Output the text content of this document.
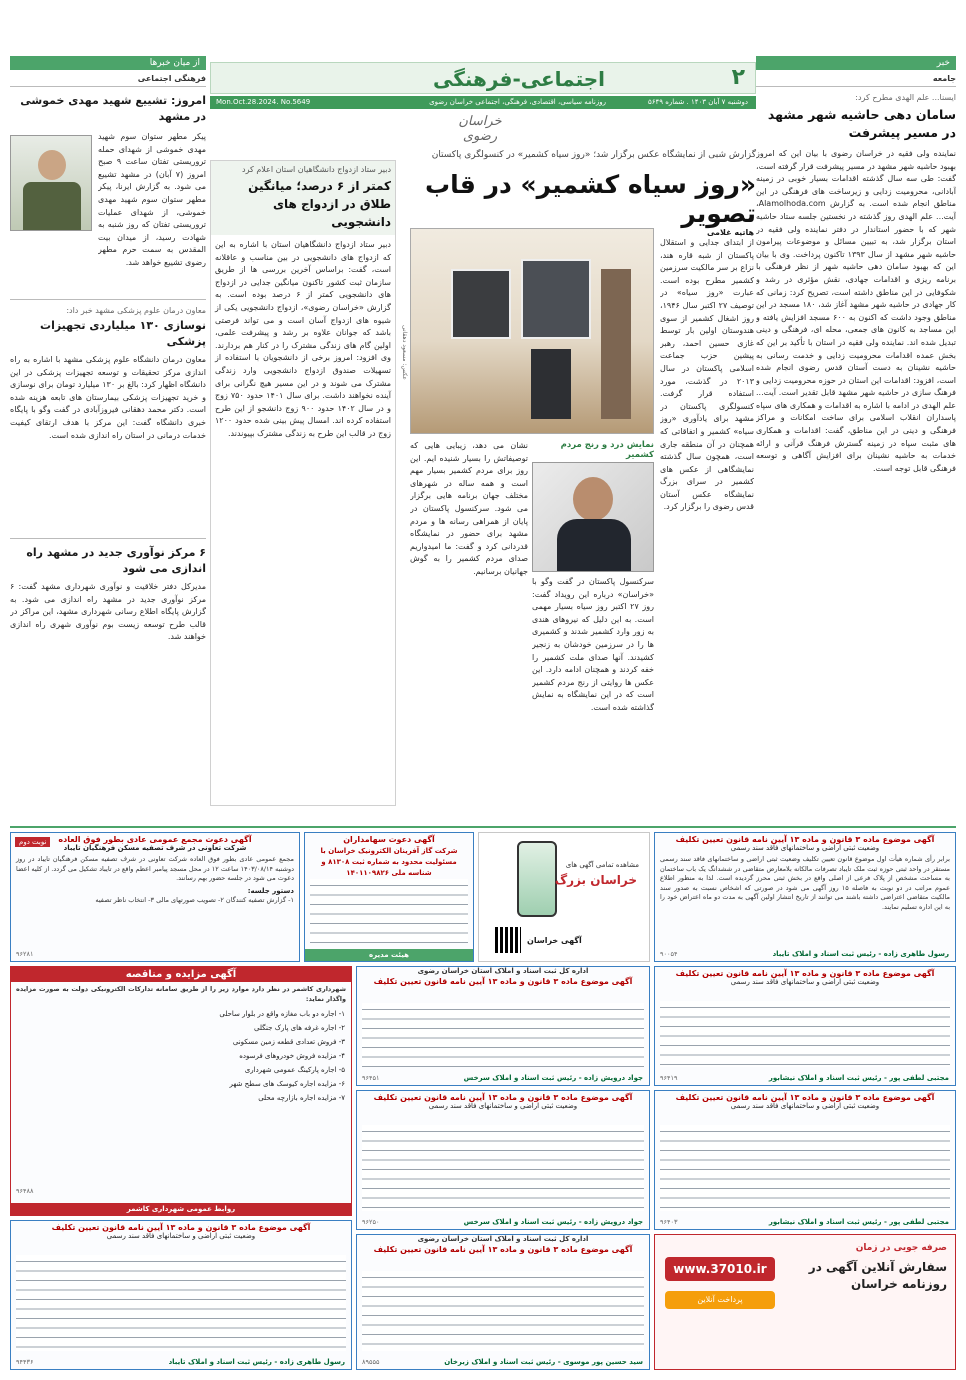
۲
اجتماعی-فرهنگی
دوشنبه ۷ آبان ۱۴۰۳ . شماره ۵۶۴۹
روزنامه سیاسی، اقتصادی، فرهنگی، اجتماعی خراسان رضوی
Mon.Oct.28.2024. No.5649
خراسان رضوی
خبر
جامعه
ایسنا... علم الهدی مطرح کرد:
سامان دهی حاشیه شهر مشهد در مسیر پیشرفت
نماینده ولی فقیه در خراسان رضوی با بیان این که امروز بهبود حاشیه شهر مشهد در مسیر پیشرفت قرار گرفته است، گفت: طی سه سال گذشته اقدامات بسیار خوبی در زمینه آبادانی، محرومیت زدایی و زیرساخت های فرهنگی در این مناطق انجام شده است. به گزارش Alamolhoda.com، آیت... علم الهدی روز گذشته در نخستین جلسه ستاد حاشیه شهر که با حضور استاندار در دفتر نماینده ولی فقیه در استان برگزار شد، به تبیین مسائل و موضوعات پیرامون حاشیه شهر مشهد از سال ۱۳۹۳ تاکنون پرداخت. وی با بیان این که بهبود سامان دهی حاشیه شهر از نظر فرهنگی با برنامه ریزی و اقدامات جهادی، نقش مؤثری در رشد و شکوفایی در این مناطق داشته است، تصریح کرد: زمانی که کار جهادی در حاشیه شهر مشهد آغاز شد، ۱۸۰ مسجد در این مناطق وجود داشت که اکنون به ۶۰۰ مسجد افزایش یافته و این مساجد به کانون های جمعی، محله ای، فرهنگی و دینی تبدیل شده اند. نماینده ولی فقیه در استان با تأکید بر این که بخش عمده اقدامات محرومیت زدایی و خدمت رسانی به حاشیه نشینان به دست آستان قدس رضوی انجام شده است، افزود: اقدامات این استان در حوزه محرومیت زدایی و فرهنگ سازی در حاشیه شهر مشهد قابل تقدیر است. آیت... علم الهدی در ادامه با اشاره به اقدامات و همکاری های سپاه پاسداران انقلاب اسلامی برای ساخت امکانات و مراکز فرهنگی و دینی در این مناطق، گفت: اقدامات و همکاری های مثبت سپاه در زمینه گسترش فرهنگ قرآنی و ارائه خدمات به حاشیه نشینان برای افزایش آگاهی و توسعه فرهنگی قابل توجه است.
از میان خبرها
فرهنگی اجتماعی
امروز: تشییع شهید مهدی خموشی در مشهد
پیکر مطهر ستوان سوم شهید مهدی خموشی از شهدای حمله تروریستی تفتان ساعت ۹ صبح امروز (۷ آبان) در مشهد تشییع می شود. به گزارش ایرنا، پیکر مطهر ستوان سوم شهید مهدی خموشی، از شهدای عملیات تروریستی تفتان که روز شنبه به شهادت رسید، از میدان بیت المقدس به سمت حرم مطهر رضوی تشییع خواهد شد.
معاون درمان علوم پزشکی مشهد خبر داد:
نوسازی ۱۳۰ میلیاردی تجهیزات پزشکی
معاون درمان دانشگاه علوم پزشکی مشهد با اشاره به راه اندازی مرکز تحقیقات و توسعه تجهیزات پزشکی در این دانشگاه اظهار کرد: بالغ بر ۱۳۰ میلیارد تومان برای نوسازی و خرید تجهیزات پزشکی بیمارستان های تابعه هزینه شده است. دکتر محمد دهقانی فیروزآبادی در گفت وگو با پایگاه خبری دانشگاه گفت: این مرکز با هدف ارتقای کیفیت خدمات درمانی در استان راه اندازی شده است.
۶ مرکز نوآوری جدید در مشهد راه اندازی می شود
مدیرکل دفتر خلاقیت و نوآوری شهرداری مشهد گفت: ۶ مرکز نوآوری جدید در مشهد راه اندازی می شود. به گزارش پایگاه اطلاع رسانی شهرداری مشهد، این مراکز در قالب طرح توسعه زیست بوم نوآوری شهری راه اندازی خواهند شد.
گزارش شبی از نمایشگاه عکس برگزار شد؛ «روز سیاه کشمیر» در کنسولگری پاکستان
«روز سیاه کشمیر» در قاب تصویر
هاتیه غلامی
از ابتدای جدایی و استقلال پاکستان از شبه قاره هند، نزاع بر سر مالکیت سرزمین کشمیر مطرح بوده است. عبارت «روز سیاه» در توصیف ۲۷ اکتبر سال ۱۹۴۶، روز اشغال کشمیر از سوی هندوستان اولین بار توسط غازی حسین احمد، رهبر پیشین حزب جماعت اسلامی پاکستان در سال ۲۰۱۳ در گذشت، مورد استفاده قرار گرفت. کنسولگری پاکستان در مشهد برای یادآوری «روز سیاه» کشمیر و اتفاقاتی که همچنان در آن منطقه جاری است، همچون سال گذشته نمایشگاهی از عکس های کشمیر در سرای بزرگ نمایشگاه عکس آستان قدس رضوی را برگزار کرد.
عکس: مسعود دهقانی
نمایش درد و رنج مردم کشمیر
سرکنسول پاکستان در گفت وگو با «خراسان» درباره این رویداد گفت: روز ۲۷ اکتبر روز سیاه بسیار مهمی است. به این دلیل که نیروهای هندی به زور وارد کشمیر شدند و کشمیری ها را در سرزمین خودشان به زنجیر کشیدند. آنها صدای ملت کشمیر را خفه کردند و همچنان ادامه دارد. این عکس ها روایتی از رنج مردم کشمیر است که در این نمایشگاه به نمایش گذاشته شده است.
نشان می دهد، زیبایی هایی که توصیفاتش را بسیار شنیده ایم. این روز برای مردم کشمیر بسیار مهم است و همه ساله در شهرهای مختلف جهان برنامه هایی برگزار می شود. سرکنسول پاکستان در پایان از همراهی رسانه ها و مردم مشهد برای حضور در نمایشگاه قدردانی کرد و گفت: ما امیدواریم صدای مردم کشمیر را به گوش جهانیان برسانیم.
دبیر ستاد ازدواج دانشگاهیان استان اعلام کرد
کمتر از ۶ درصد؛ میانگین طلاق در ازدواج های دانشجویی
دبیر ستاد ازدواج دانشگاهیان استان با اشاره به این که ازدواج های دانشجویی در بین مناسب و عاقلانه است، گفت: براساس آخرین بررسی ها از طریق سازمان ثبت کشور تاکنون میانگین جدایی در ازدواج های دانشجویی کمتر از ۶ درصد بوده است. به گزارش «خراسان رضوی»، ازدواج دانشجویی یکی از شیوه های ازدواج آسان است و می تواند فرصتی باشد که جوانان علاوه بر رشد و پیشرفت علمی، اولین گام های زندگی مشترک را در کنار هم بردارند. وی افزود: امروز برخی از دانشجویان با استفاده از تسهیلات صندوق ازدواج دانشجویی وارد زندگی مشترک می شوند و در این مسیر هیچ نگرانی برای آینده نخواهند داشت. برای سال ۱۴۰۱ حدود ۷۵۰ زوج و در سال ۱۴۰۲ حدود ۹۰۰ زوج دانشجو از این طرح استفاده کرده اند. امسال پیش بینی شده حدود ۱۲۰۰ زوج در قالب این طرح به زندگی مشترک بپیوندند.
آگهی موضوع ماده ۳ قانون و ماده ۱۳ آیین نامه قانون تعیین تکلیف
وضعیت ثبتی اراضی و ساختمانهای فاقد سند رسمی
برابر رأی شماره هیأت اول موضوع قانون تعیین تکلیف وضعیت ثبتی اراضی و ساختمانهای فاقد سند رسمی مستقر در واحد ثبتی حوزه ثبت ملک تایباد تصرفات مالکانه بلامعارض متقاضی در ششدانگ یک باب ساختمان به مساحت مشخص از پلاک فرعی از اصلی واقع در بخش ثبتی محرز گردیده است. لذا به منظور اطلاع عموم مراتب در دو نوبت به فاصله ۱۵ روز آگهی می شود در صورتی که اشخاص نسبت به صدور سند مالکیت متقاضی اعتراضی داشته باشند می توانند از تاریخ انتشار اولین آگهی به مدت دو ماه اعتراض خود را به این اداره تسلیم نمایند.
رسول طاهری زاده - رئیس ثبت اسناد و املاک تایباد
۹۰۰۵۴
مشاهده تمامی آگهی های
خراسان بزرگ
آگهی خراسان
آگهی دعوت سهامداران
شرکت گاز آفرینان الکترونیک خراسان با مسئولیت محدود به شماره ثبت ۸۱۳۰۸ و شناسه ملی ۱۴۰۱۱۰۹۸۲۶
هیئت مدیره
نوبت دوم	آگهی دعوت مجمع عمومی عادی بطور فوق العاده
شرکت تعاونی در شرف تصفیه مسکن فرهنگیان تایباد
مجمع عمومی عادی بطور فوق العاده شرکت تعاونی در شرف تصفیه مسکن فرهنگیان تایباد در روز دوشنبه ۱۴۰۳/۰۸/۱۴ ساعت ۱۲ در محل مسجد پیامبر اعظم واقع در تایباد تشکیل می گردد. از کلیه اعضا دعوت می شود در جلسه حضور بهم رسانند.
دستور جلسه:
۱- گزارش تصفیه کنندگان ۲- تصویب صورتهای مالی ۳- انتخاب ناظر تصفیه
۹۶۲۸۱
آگهی موضوع ماده ۳ قانون و ماده ۱۳ آیین نامه قانون تعیین تکلیف
وضعیت ثبتی اراضی و ساختمانهای فاقد سند رسمی
مجتبی لطفی پور - رئیس ثبت اسناد و املاک نیشابور
۹۶۴۱۹
اداره کل ثبت اسناد و املاک استان خراسان رضوی
آگهی موضوع ماده ۳ قانون و ماده ۱۳ آیین نامه قانون تعیین تکلیف
جواد درویش زاده - رئیس ثبت اسناد و املاک سرخس
۹۶۴۵۱
آگهی مزایده و مناقصه
شهرداری کاشمر در نظر دارد موارد زیر را از طریق سامانه تدارکات الکترونیکی دولت به صورت مزایده واگذار نماید:
۱- اجاره دو باب مغازه واقع در بلوار ساحلی
۲- اجاره غرفه های پارک جنگلی
۳- فروش تعدادی قطعه زمین مسکونی
۴- مزایده فروش خودروهای فرسوده
۵- اجاره پارکینگ عمومی شهرداری
۶- مزایده اجاره کیوسک های سطح شهر
۷- مزایده اجاره بازارچه محلی
روابط عمومی شهرداری کاشمر
۹۶۴۸۸
آگهی موضوع ماده ۳ قانون و ماده ۱۳ آیین نامه قانون تعیین تکلیف
وضعیت ثبتی اراضی و ساختمانهای فاقد سند رسمی
مجتبی لطفی پور - رئیس ثبت اسناد و املاک نیشابور
۹۶۴۰۳
آگهی موضوع ماده ۳ قانون و ماده ۱۳ آیین نامه قانون تعیین تکلیف
وضعیت ثبتی اراضی و ساختمانهای فاقد سند رسمی
جواد درویش زاده - رئیس ثبت اسناد و املاک سرخس
۹۶۲۵۰
آگهی موضوع ماده ۳ قانون و ماده ۱۳ آیین نامه قانون تعیین تکلیف
وضعیت ثبتی اراضی و ساختمانهای فاقد سند رسمی
رسول طاهری زاده - رئیس ثبت اسناد و املاک تایباد
۹۴۴۳۶
اداره کل ثبت اسناد و املاک استان خراسان رضوی
آگهی موضوع ماده ۳ قانون و ماده ۱۳ آیین نامه قانون تعیین تکلیف
سید حسین پور موسوی - رئیس ثبت اسناد و املاک زبرخان
۸۹۵۵۵
صرفه جویی در زمان
سفارش آنلاین آگهی در روزنامه خراسان
www.37010.ir
پرداخت آنلاین
